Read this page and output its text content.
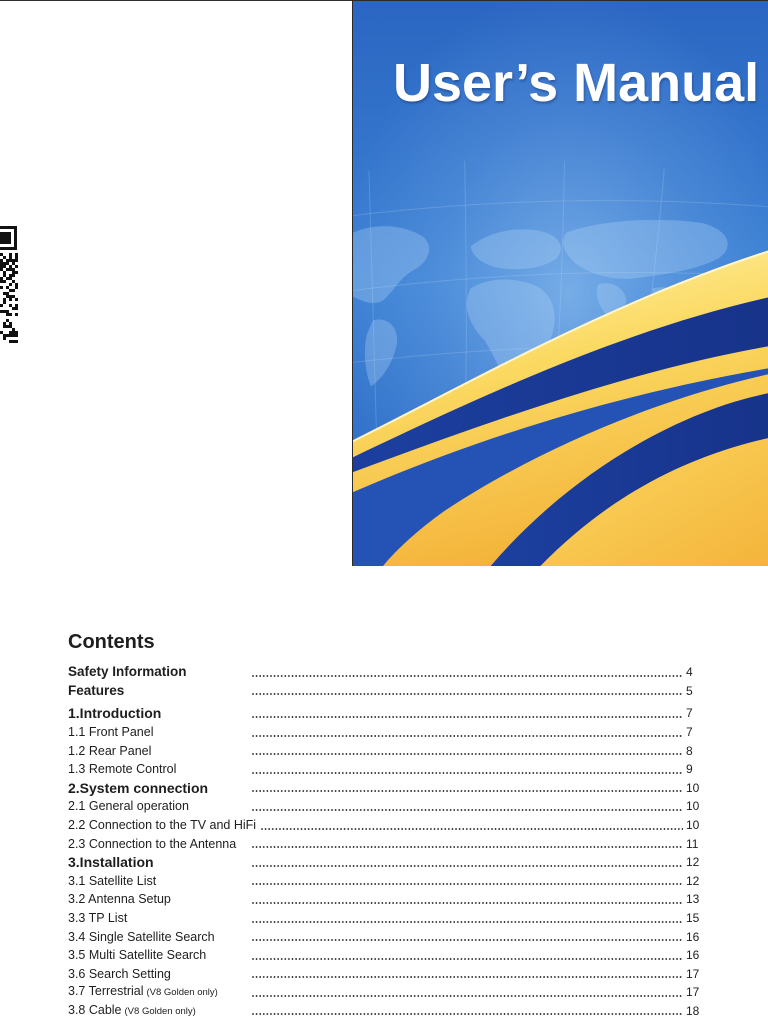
User’s Manual
Contents
Safety Information	4
Features	5
1.Introduction	7
1.1 Front Panel	7
1.2 Rear Panel	8
1.3 Remote Control	9
2.System connection	10
2.1 General operation	10
2.2 Connection to the TV and HiFi	10
2.3 Connection to the Antenna	11
3.Installation	12
3.1 Satellite List	12
3.2 Antenna Setup	13
3.3 TP List	15
3.4 Single Satellite Search	16
3.5 Multi Satellite Search	16
3.6 Search Setting	17
3.7 Terrestrial (V8 Golden only)	17
3.8 Cable (V8 Golden only)	18
